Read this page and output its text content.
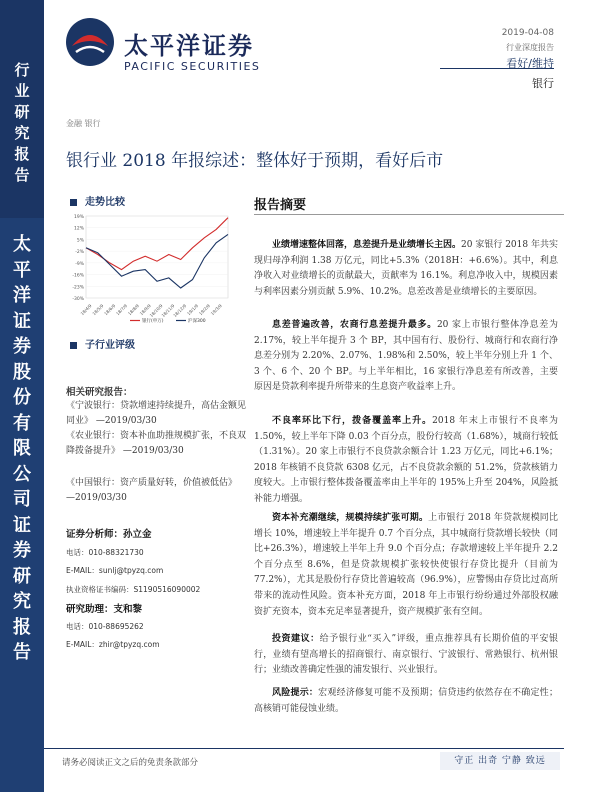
行
业
研
究
报
告
太
平
洋
证
券
股
份
有
限
公
司
证
券
研
究
报
告
太平洋证券
PACIFIC SECURITIES
2019-04-08
行业深度报告
看好/维持
银行
金融 银行
银行业 2018 年报综述：整体好于预期，看好后市
走势比较
19%
12%
5%
-2%
-9%
-16%
-23%
-30%
18/4/9
18/5/9
18/6/9
18/7/9
18/8/9
18/9/9
18/10/9
18/11/9
18/12/9
19/1/9
19/2/9
19/3/9
银行(申万)	沪深300
子行业评级
相关研究报告：
《宁波银行：贷款增速持续提升，高估金额见同业》 —2019/03/30
《农业银行：资本补血助推规模扩张，不良双降拨备提升》 —2019/03/30
《中国银行：资产质量好转，价值被低估》 —2019/03/30
证券分析师：孙立金
电话：010-88321730
E-MAIL：sunlj@tpyzq.com
执业资格证书编码：S1190516090002
研究助理：支和黎
电话：010-88695262
E-MAIL：zhir@tpyzq.com
报告摘要

业绩增速整体回落，息差提升是业绩增长主因。20 家银行 2018 年共实现归母净利润 1.38 万亿元，同比+5.3%（2018H：+6.6%）。其中，利息净收入对业绩增长的贡献最大，贡献率为 16.1%。利息净收入中，规模因素与利率因素分别贡献 5.9%、10.2%。息差改善是业绩增长的主要原因。

息差普遍改善，农商行息差提升最多。20 家上市银行整体净息差为 2.17%，较上半年提升 3 个 BP，其中国有行、股份行、城商行和农商行净息差分别为 2.20%、2.07%、1.98%和 2.50%，较上半年分别上升 1 个、3 个、6 个、20 个 BP。与上半年相比，16 家银行净息差有所改善，主要原因是贷款利率提升所带来的生息资产收益率上升。

不良率环比下行，拨备覆盖率上升。2018 年末上市银行不良率为 1.50%，较上半年下降 0.03 个百分点，股份行较高（1.68%），城商行较低（1.31%）。20 家上市银行不良贷款余额合计 1.23 万亿元，同比+6.1%；2018 年核销不良贷款 6308 亿元，占不良贷款余额的 51.2%，贷款核销力度较大。上市银行整体拨备覆盖率由上半年的 195%上升至 204%，风险抵补能力增强。

资本补充潮继续，规模持续扩张可期。上市银行 2018 年贷款规模同比增长 10%，增速较上半年提升 0.7 个百分点，其中城商行贷款增长较快（同比+26.3%），增速较上半年上升 9.0 个百分点；存款增速较上半年提升 2.2 个百分点至 8.6%，但是贷款规模扩张较快使银行存贷比提升（目前为 77.2%），尤其是股份行存贷比普遍较高（96.9%），应警惕由存贷比过高所带来的流动性风险。资本补充方面，2018 年上市银行纷纷通过外部股权融资扩充资本，资本充足率显著提升，资产规模扩张有空间。

投资建议：给予银行业“买入”评级，重点推荐具有长期价值的平安银行，业绩有望高增长的招商银行、南京银行、宁波银行、常熟银行、杭州银行；业绩改善确定性强的浦发银行、兴业银行。

风险提示：宏观经济修复可能不及预期；信贷违约依然存在不确定性；高核销可能侵蚀业绩。

请务必阅读正文之后的免责条款部分	守正 出奇 宁静 致远
